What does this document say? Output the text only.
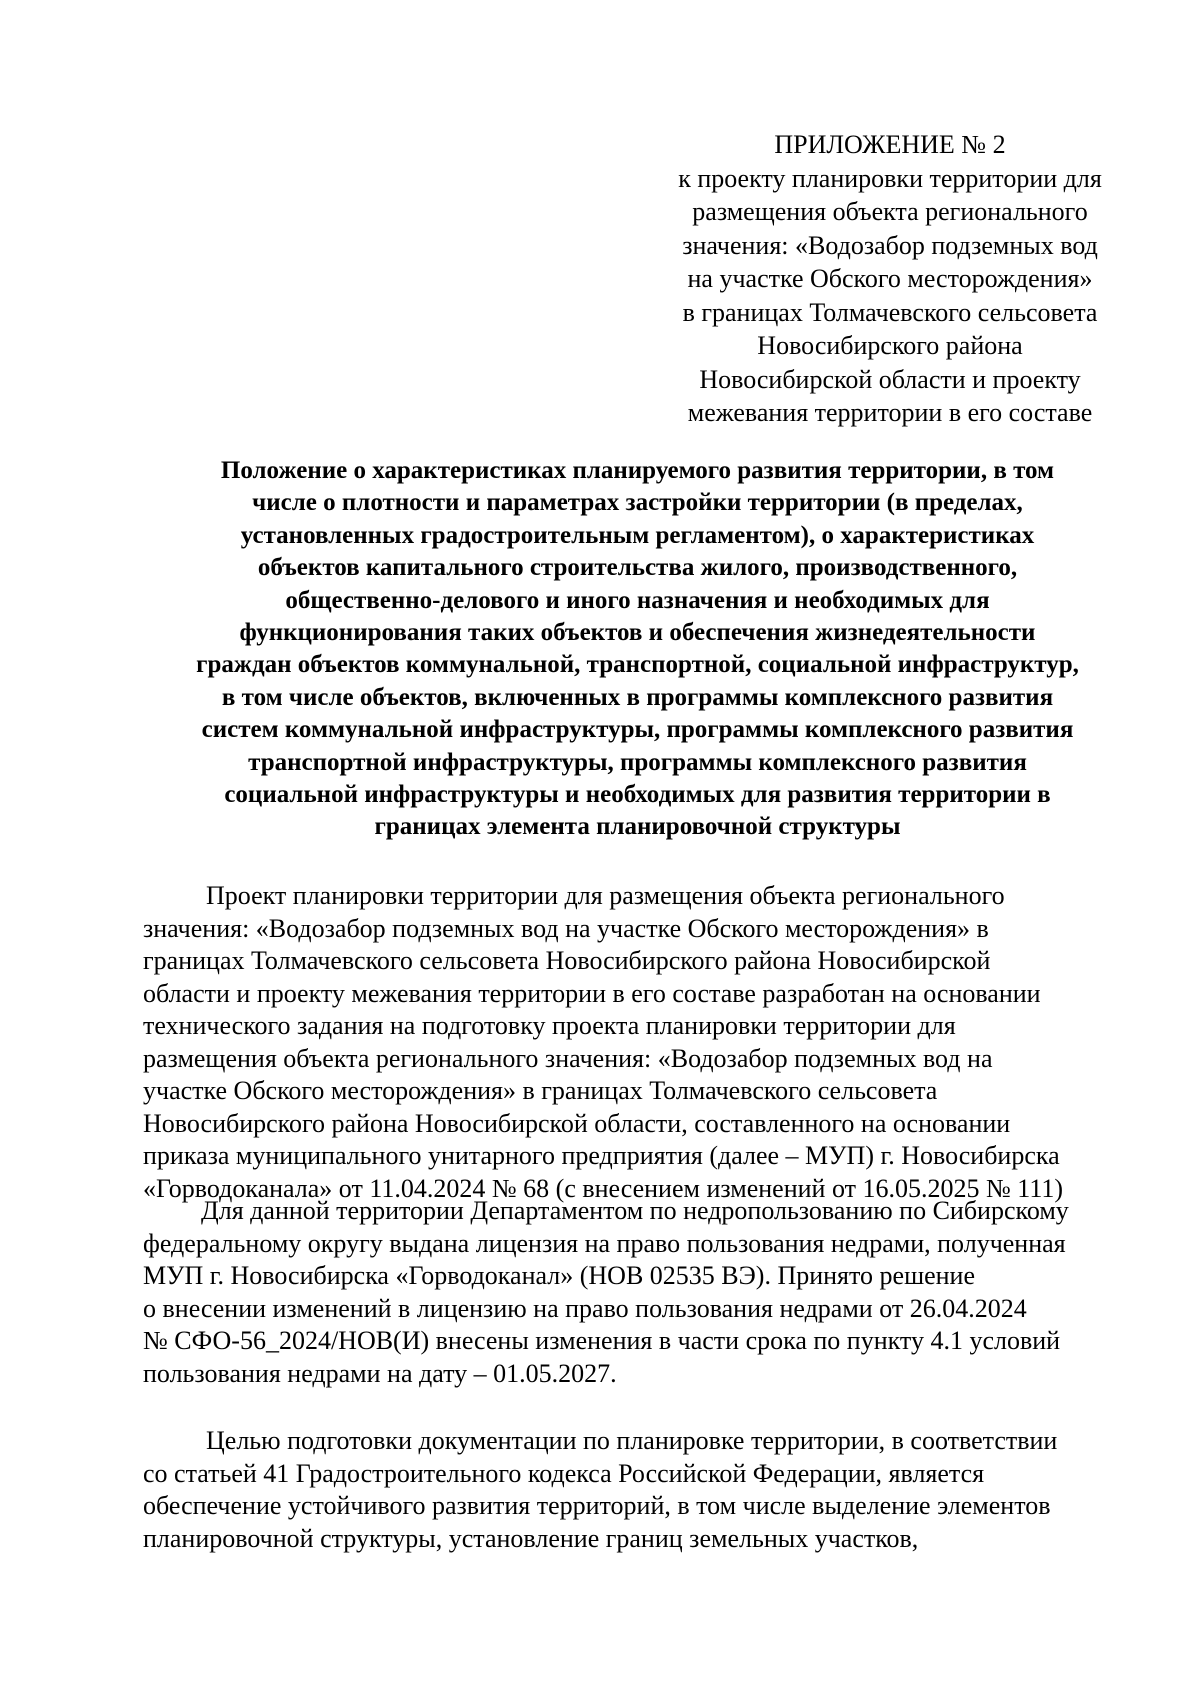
ПРИЛОЖЕНИЕ № 2
к проекту планировки территории для
размещения объекта регионального
значения: «Водозабор подземных вод
на участке Обского месторождения»
в границах Толмачевского сельсовета
Новосибирского района
Новосибирской области и проекту
межевания территории в его составе
Положение о характеристиках планируемого развития территории, в том
числе о плотности и параметрах застройки территории (в пределах,
установленных градостроительным регламентом), о характеристиках
объектов капитального строительства жилого, производственного,
общественно-делового и иного назначения и необходимых для
функционирования таких объектов и обеспечения жизнедеятельности
граждан объектов коммунальной, транспортной, социальной инфраструктур,
в том числе объектов, включенных в программы комплексного развития
систем коммунальной инфраструктуры, программы комплексного развития
транспортной инфраструктуры, программы комплексного развития
социальной инфраструктуры и необходимых для развития территории в
границах элемента планировочной структуры
Проект планировки территории для размещения объекта регионального
значения: «Водозабор подземных вод на участке Обского месторождения» в
границах Толмачевского сельсовета Новосибирского района Новосибирской
области и проекту межевания территории в его составе разработан на основании
технического задания на подготовку проекта планировки территории для
размещения объекта регионального значения: «Водозабор подземных вод на
участке Обского месторождения» в границах Толмачевского сельсовета
Новосибирского района Новосибирской области, составленного на основании
приказа муниципального унитарного предприятия (далее – МУП) г. Новосибирска
«Горводоканала» от 11.04.2024 № 68 (с внесением изменений от 16.05.2025 № 111)
Для данной территории Департаментом по недропользованию по Сибирскому
федеральному округу выдана лицензия на право пользования недрами, полученная
МУП г. Новосибирска «Горводоканал» (НОВ 02535 ВЭ). Принято решение
о внесении изменений в лицензию на право пользования недрами от 26.04.2024
№ СФО-56_2024/НОВ(И) внесены изменения в части срока по пункту 4.1 условий
пользования недрами на дату – 01.05.2027.
Целью подготовки документации по планировке территории, в соответствии
со статьей 41 Градостроительного кодекса Российской Федерации, является
обеспечение устойчивого развития территорий, в том числе выделение элементов
планировочной структуры, установление границ земельных участков,
